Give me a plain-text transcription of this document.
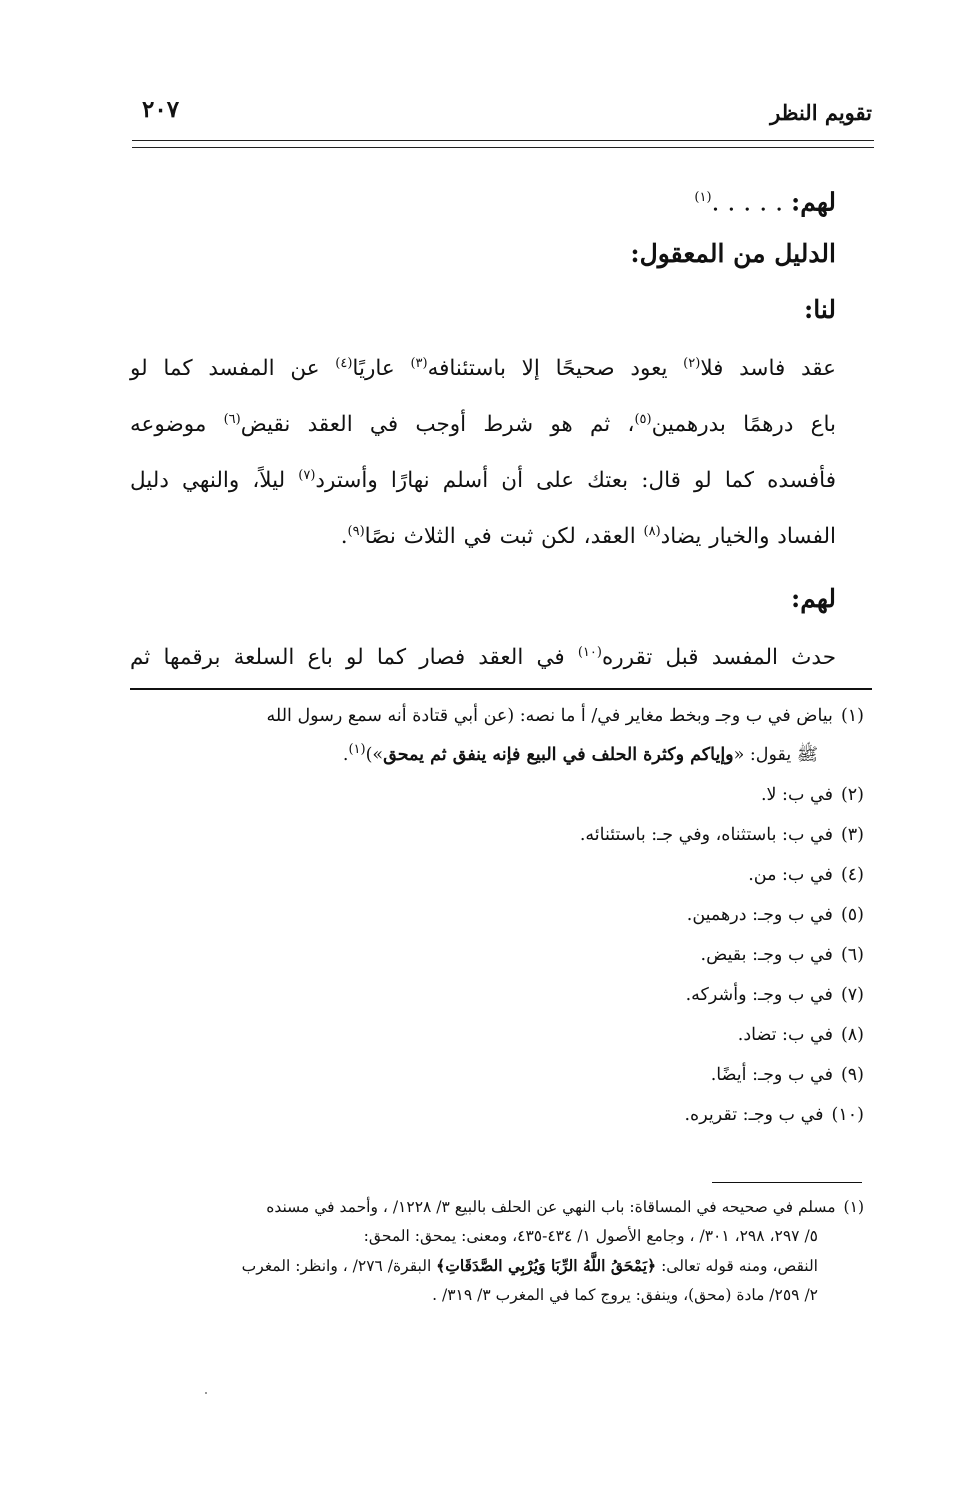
تقويم النظر
٢٠٧

لهم: . . . . .$^{(١)}$

الدليل من المعقول:

لنا:

عقد فاسد فلا$^{(٢)}$ يعود صحيحًا إلا باستئنافه$^{(٣)}$ عاريًا$^{(٤)}$ عن المفسد كما لو
باع درهمًا بدرهمين$^{(٥)}$، ثم هو شرط أوجب في العقد نقيض$^{(٦)}$ موضوعه
فأفسده كما لو قال: بعتك على أن أسلم نهارًا وأسترد$^{(٧)}$ ليلاً، والنهي دليل
الفساد والخيار يضاد$^{(٨)}$ العقد، لكن ثبت في الثلاث نصًا$^{(٩)}$.

لهم:

حدث المفسد قبل تقرره$^{(١٠)}$ في العقد فصار كما لو باع السلعة برقمها ثم

(١)بياض في ب وجـ وبخط مغاير في/ أ ما نصه: (عن أبي قتادة أنه سمع رسول الله
ﷺ يقول: «وإياكم وكثرة الحلف في البيع فإنه ينفق ثم يمحق»)$^{(١)}$.

(٢)في ب: لا.

(٣)في ب: باستثناه، وفي جـ: باستئنائه.

(٤)في ب: من.

(٥)في ب وجـ: درهمين.

(٦)في ب وجـ: بقيض.

(٧)في ب وجـ: وأشركه.

(٨)في ب: تضاد.

(٩)في ب وجـ: أيضًا.

(١٠)في ب وجـ: تقريره.

(١)مسلم في صحيحه في المساقاة: باب النهي عن الحلف بالبيع ٣/ ١٢٢٨/ ، وأحمد في مسنده
٥/ ٢٩٧، ٢٩٨، ٣٠١/ ، وجامع الأصول ١/ ٤٣٤-٤٣٥، ومعنى: يمحق: المحق:
النقص، ومنه قوله تعالى: ﴿يَمْحَقُ اللَّهُ الرِّبَا وَيُرْبِي الصَّدَقَاتِ﴾ البقرة/ ٢٧٦/ ، وانظر: المغرب
٢/ ٢٥٩/ مادة (محق)، وينفق: يروج كما في المغرب ٣/ ٣١٩/ .
